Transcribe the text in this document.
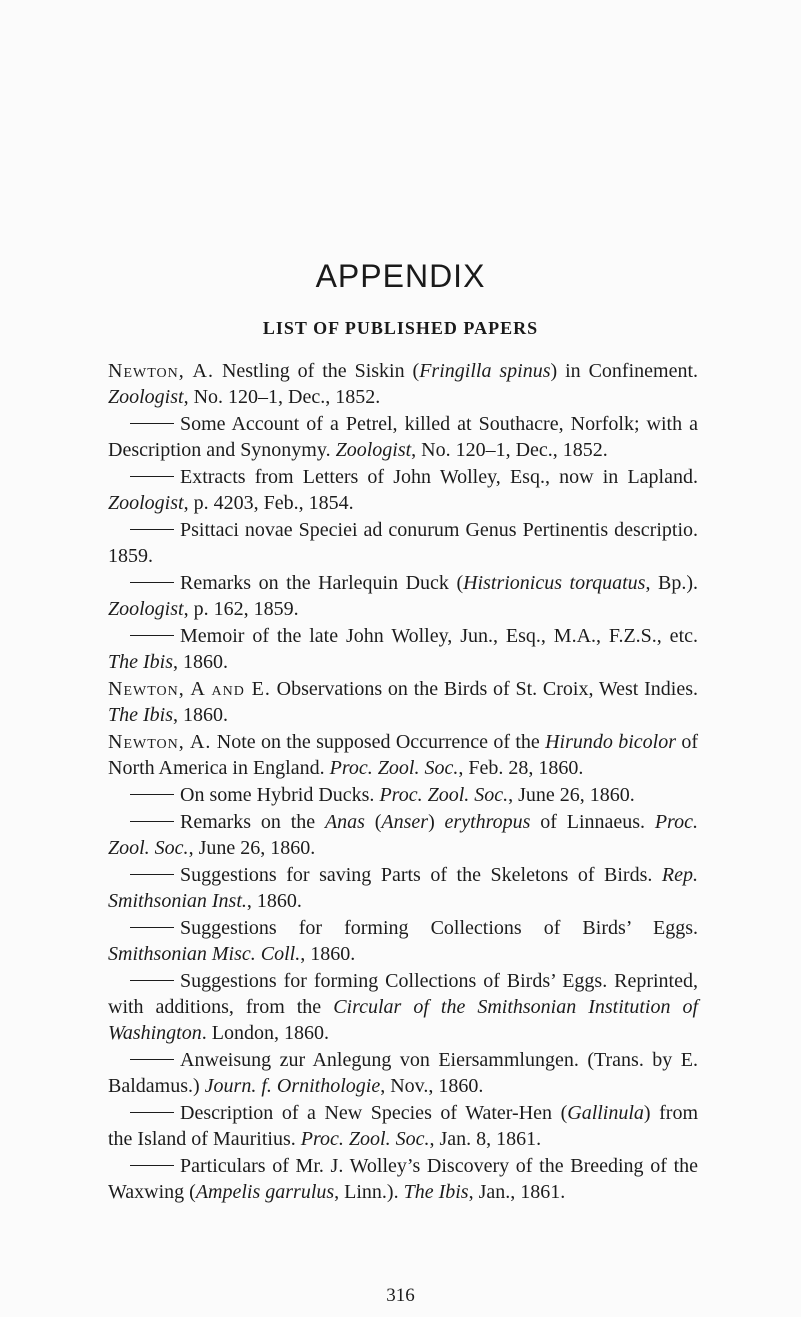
APPENDIX
LIST OF PUBLISHED PAPERS

Newton, A. Nestling of the Siskin (Fringilla spinus) in Confinement. Zoologist, No. 120–1, Dec., 1852.

Some Account of a Petrel, killed at Southacre, Norfolk; with a Description and Synonymy. Zoologist, No. 120–1, Dec., 1852.

Extracts from Letters of John Wolley, Esq., now in Lapland. Zoologist, p. 4203, Feb., 1854.

Psittaci novae Speciei ad conurum Genus Pertinentis descriptio. 1859.

Remarks on the Harlequin Duck (Histrionicus torquatus, Bp.). Zoologist, p. 162, 1859.

Memoir of the late John Wolley, Jun., Esq., M.A., F.Z.S., etc. The Ibis, 1860.

Newton, A and E. Observations on the Birds of St. Croix, West Indies. The Ibis, 1860.

Newton, A. Note on the supposed Occurrence of the Hirundo bicolor of North America in England. Proc. Zool. Soc., Feb. 28, 1860.

On some Hybrid Ducks. Proc. Zool. Soc., June 26, 1860.

Remarks on the Anas (Anser) erythropus of Linnaeus. Proc. Zool. Soc., June 26, 1860.

Suggestions for saving Parts of the Skeletons of Birds. Rep. Smithsonian Inst., 1860.

Suggestions for forming Collections of Birds’ Eggs. Smithsonian Misc. Coll., 1860.

Suggestions for forming Collections of Birds’ Eggs. Reprinted, with additions, from the Circular of the Smithsonian Institution of Washington. London, 1860.

Anweisung zur Anlegung von Eiersammlungen. (Trans. by E. Baldamus.) Journ. f. Ornithologie, Nov., 1860.

Description of a New Species of Water-Hen (Gallinula) from the Island of Mauritius. Proc. Zool. Soc., Jan. 8, 1861.

Particulars of Mr. J. Wolley’s Discovery of the Breeding of the Waxwing (Ampelis garrulus, Linn.). The Ibis, Jan., 1861.

316
